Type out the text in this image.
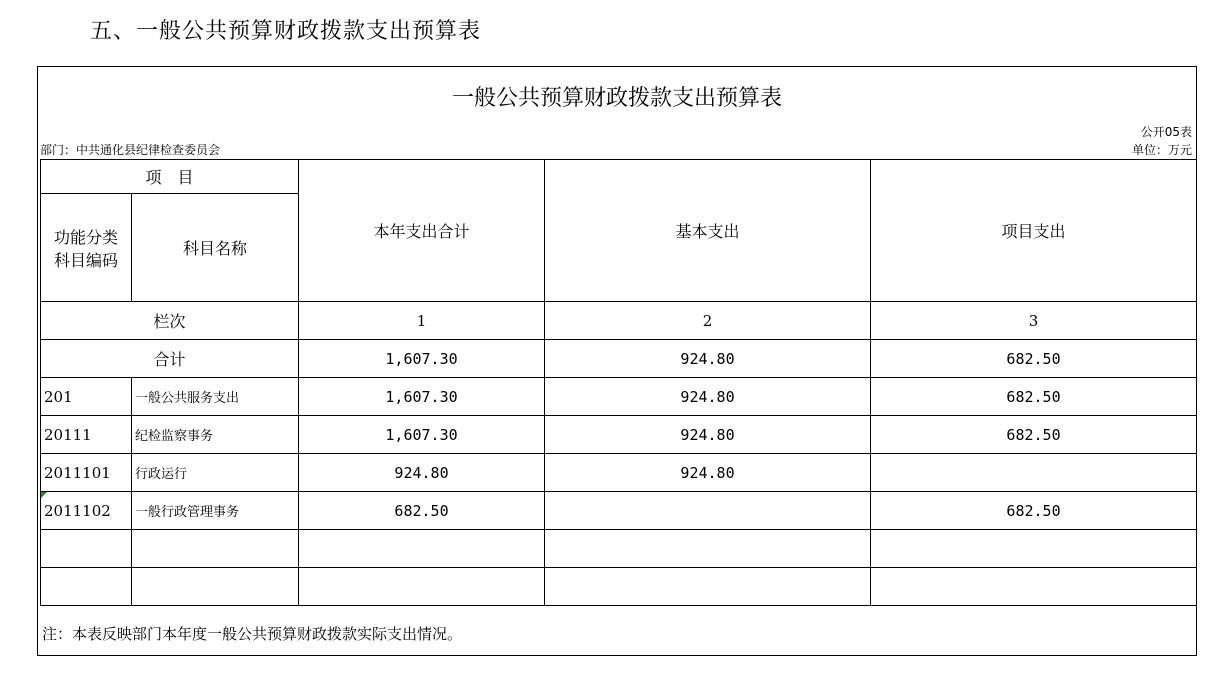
五、一般公共预算财政拨款支出预算表
一般公共预算财政拨款支出预算表
公开05表
部门：中共通化县纪律检查委员会	单位：万元
项　目		本年支出合计	基本支出	项目支出

功能分类
科目编码	科目名称			
栏次		1	2	3
合计		1,607.30	924.80	682.50
201	一般公共服务支出	1,607.30	924.80	682.50
20111	纪检监察事务	1,607.30	924.80	682.50
2011101	行政运行	924.80	924.80	

2011102	一般行政管理事务	682.50		682.50

注：本表反映部门本年度一般公共预算财政拨款实际支出情况。
